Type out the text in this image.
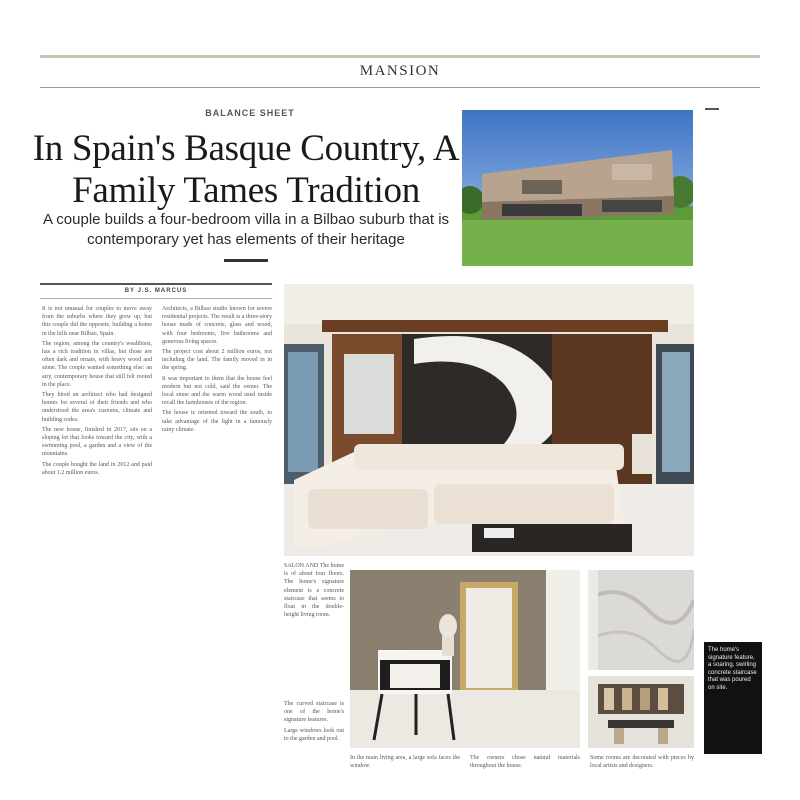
MANSION
BALANCE SHEET
In Spain's Basque Country, A Family Tames Tradition
A couple builds a four-bedroom villa in a Bilbao suburb that is contemporary yet has elements of their heritage
BY J.S. MARCUS

It is not unusual for couples to move away from the suburbs where they grew up, but this couple did the opposite, building a home in the hills near Bilbao, Spain.

The region, among the country's wealthiest, has a rich tradition in villas, but those are often dark and ornate, with heavy wood and stone. The couple wanted something else: an airy, contemporary house that still felt rooted in the place.

They hired an architect who had designed homes for several of their friends and who understood the area's customs, climate and building codes.

The new house, finished in 2017, sits on a sloping lot that looks toward the city, with a swimming pool, a garden and a view of the mountains.

The couple bought the land in 2012 and paid about 1.2 million euros.

Architects, a Bilbao studio known for severe residential projects. The result is a three-story house made of concrete, glass and wood, with four bedrooms, five bathrooms and generous living spaces.

The project cost about 2 million euros, not including the land. The family moved in in the spring.

It was important to them that the house feel modern but not cold, said the owner. The local stone and the warm wood used inside recall the farmhouses of the region.

The house is oriented toward the south, to take advantage of the light in a famously rainy climate.

SALON AND The home is of about four floors. The home's signature element is a concrete staircase that seems to float in the double-height living room.

The home's signature feature, a soaring, swirling concrete staircase that was poured on site.

In the main living area, a large sofa faces the window.

The owners chose natural materials throughout the house.

Some rooms are decorated with pieces by local artists and designers.

The curved staircase is one of the home's signature features.

Large windows look out to the garden and pool.
